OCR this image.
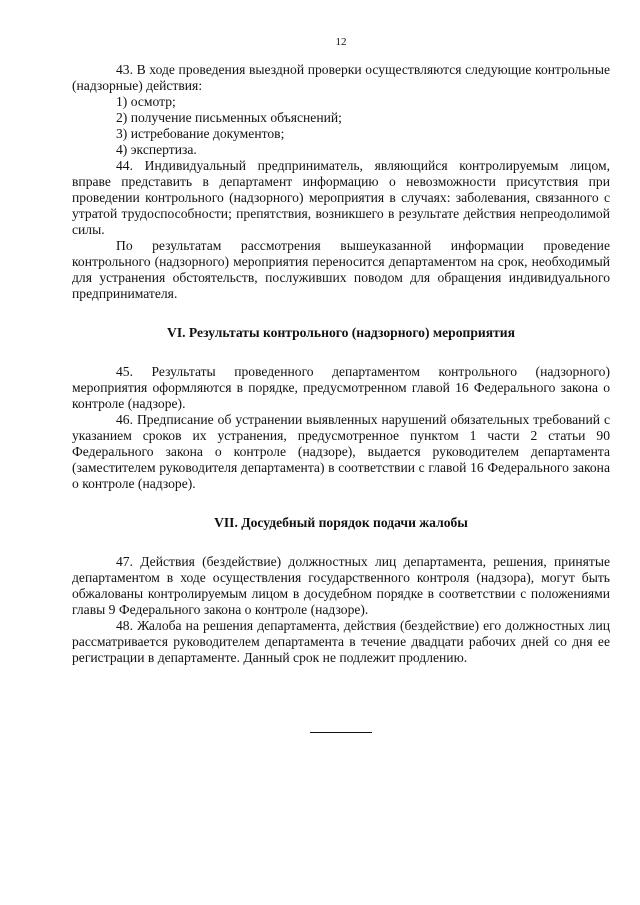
12

43. В ходе проведения выездной проверки осуществляются следующие контрольные (надзорные) действия:

1) осмотр;

2) получение письменных объяснений;

3) истребование документов;

4) экспертиза.

44. Индивидуальный предприниматель, являющийся контролируемым лицом, вправе представить в департамент информацию о невозможности присутствия при проведении контрольного (надзорного) мероприятия в случаях: заболевания, связанного с утратой трудоспособности; препятствия, возникшего в результате действия непреодолимой силы.

По результатам рассмотрения вышеуказанной информации проведение контрольного (надзорного) мероприятия переносится департаментом на срок, необходимый для устранения обстоятельств, послуживших поводом для обращения индивидуального предпринимателя.

VI. Результаты контрольного (надзорного) мероприятия

45. Результаты проведенного департаментом контрольного (надзорного) мероприятия оформляются в порядке, предусмотренном главой 16 Федерального закона о контроле (надзоре).

46. Предписание об устранении выявленных нарушений обязательных требований с указанием сроков их устранения, предусмотренное пунктом 1 части 2 статьи 90 Федерального закона о контроле (надзоре), выдается руководителем департамента (заместителем руководителя департамента) в соответствии с главой 16 Федерального закона о контроле (надзоре).

VII. Досудебный порядок подачи жалобы

47. Действия (бездействие) должностных лиц департамента, решения, принятые департаментом в ходе осуществления государственного контроля (надзора), могут быть обжалованы контролируемым лицом в досудебном порядке в соответствии с положениями главы 9 Федерального закона о контроле (надзоре).

48. Жалоба на решения департамента, действия (бездействие) его должностных лиц рассматривается руководителем департамента в течение двадцати рабочих дней со дня ее регистрации в департаменте. Данный срок не подлежит продлению.
